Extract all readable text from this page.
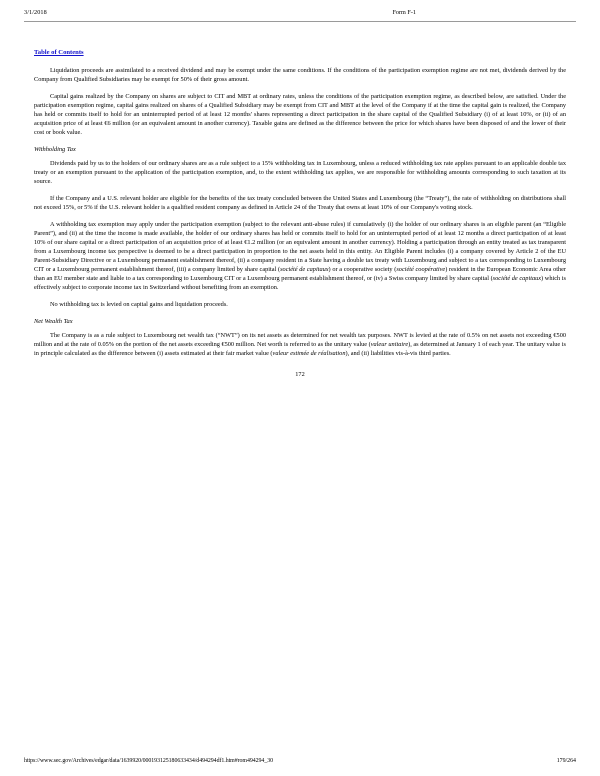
3/1/2018	Form F-1
Table of Contents

Liquidation proceeds are assimilated to a received dividend and may be exempt under the same conditions. If the conditions of the participation exemption regime are not met, dividends derived by the Company from Qualified Subsidiaries may be exempt for 50% of their gross amount.

Capital gains realized by the Company on shares are subject to CIT and MBT at ordinary rates, unless the conditions of the participation exemption regime, as described below, are satisfied. Under the participation exemption regime, capital gains realized on shares of a Qualified Subsidiary may be exempt from CIT and MBT at the level of the Company if at the time the capital gain is realized, the Company has held or commits itself to hold for an uninterrupted period of at least 12 months' shares representing a direct participation in the share capital of the Qualified Subsidiary (i) of at least 10%, or (ii) of an acquisition price of at least €6 million (or an equivalent amount in another currency). Taxable gains are defined as the difference between the price for which shares have been disposed of and the lower of their cost or book value.

Withholding Tax

Dividends paid by us to the holders of our ordinary shares are as a rule subject to a 15% withholding tax in Luxembourg, unless a reduced withholding tax rate applies pursuant to an applicable double tax treaty or an exemption pursuant to the application of the participation exemption, and, to the extent withholding tax applies, we are responsible for withholding amounts corresponding to such taxation at its source.

If the Company and a U.S. relevant holder are eligible for the benefits of the tax treaty concluded between the United States and Luxembourg (the “Treaty”), the rate of withholding on distributions shall not exceed 15%, or 5% if the U.S. relevant holder is a qualified resident company as defined in Article 24 of the Treaty that owns at least 10% of our Company's voting stock.

A withholding tax exemption may apply under the participation exemption (subject to the relevant anti-abuse rules) if cumulatively (i) the holder of our ordinary shares is an eligible parent (an “Eligible Parent”), and (ii) at the time the income is made available, the holder of our ordinary shares has held or commits itself to hold for an uninterrupted period of at least 12 months a direct participation of at least 10% of our share capital or a direct participation of an acquisition price of at least €1.2 million (or an equivalent amount in another currency). Holding a participation through an entity treated as tax transparent from a Luxembourg income tax perspective is deemed to be a direct participation in proportion to the net assets held in this entity. An Eligible Parent includes (i) a company covered by Article 2 of the EU Parent-Subsidiary Directive or a Luxembourg permanent establishment thereof, (ii) a company resident in a State having a double tax treaty with Luxembourg and subject to a tax corresponding to Luxembourg CIT or a Luxembourg permanent establishment thereof, (iii) a company limited by share capital (société de capitaux) or a cooperative society (société coopérative) resident in the European Economic Area other than an EU member state and liable to a tax corresponding to Luxembourg CIT or a Luxembourg permanent establishment thereof, or (iv) a Swiss company limited by share capital (société de capitaux) which is effectively subject to corporate income tax in Switzerland without benefiting from an exemption.

No withholding tax is levied on capital gains and liquidation proceeds.

Net Wealth Tax

The Company is as a rule subject to Luxembourg net wealth tax (“NWT”) on its net assets as determined for net wealth tax purposes. NWT is levied at the rate of 0.5% on net assets not exceeding €500 million and at the rate of 0.05% on the portion of the net assets exceeding €500 million. Net worth is referred to as the unitary value (valeur unitaire), as determined at January 1 of each year. The unitary value is in principle calculated as the difference between (i) assets estimated at their fair market value (valeur estimée de réalisation), and (ii) liabilities vis-à-vis third parties.

172
https://www.sec.gov/Archives/edgar/data/1639920/000193125180633434/d494294df1.htm#rom494294_30	179/264
